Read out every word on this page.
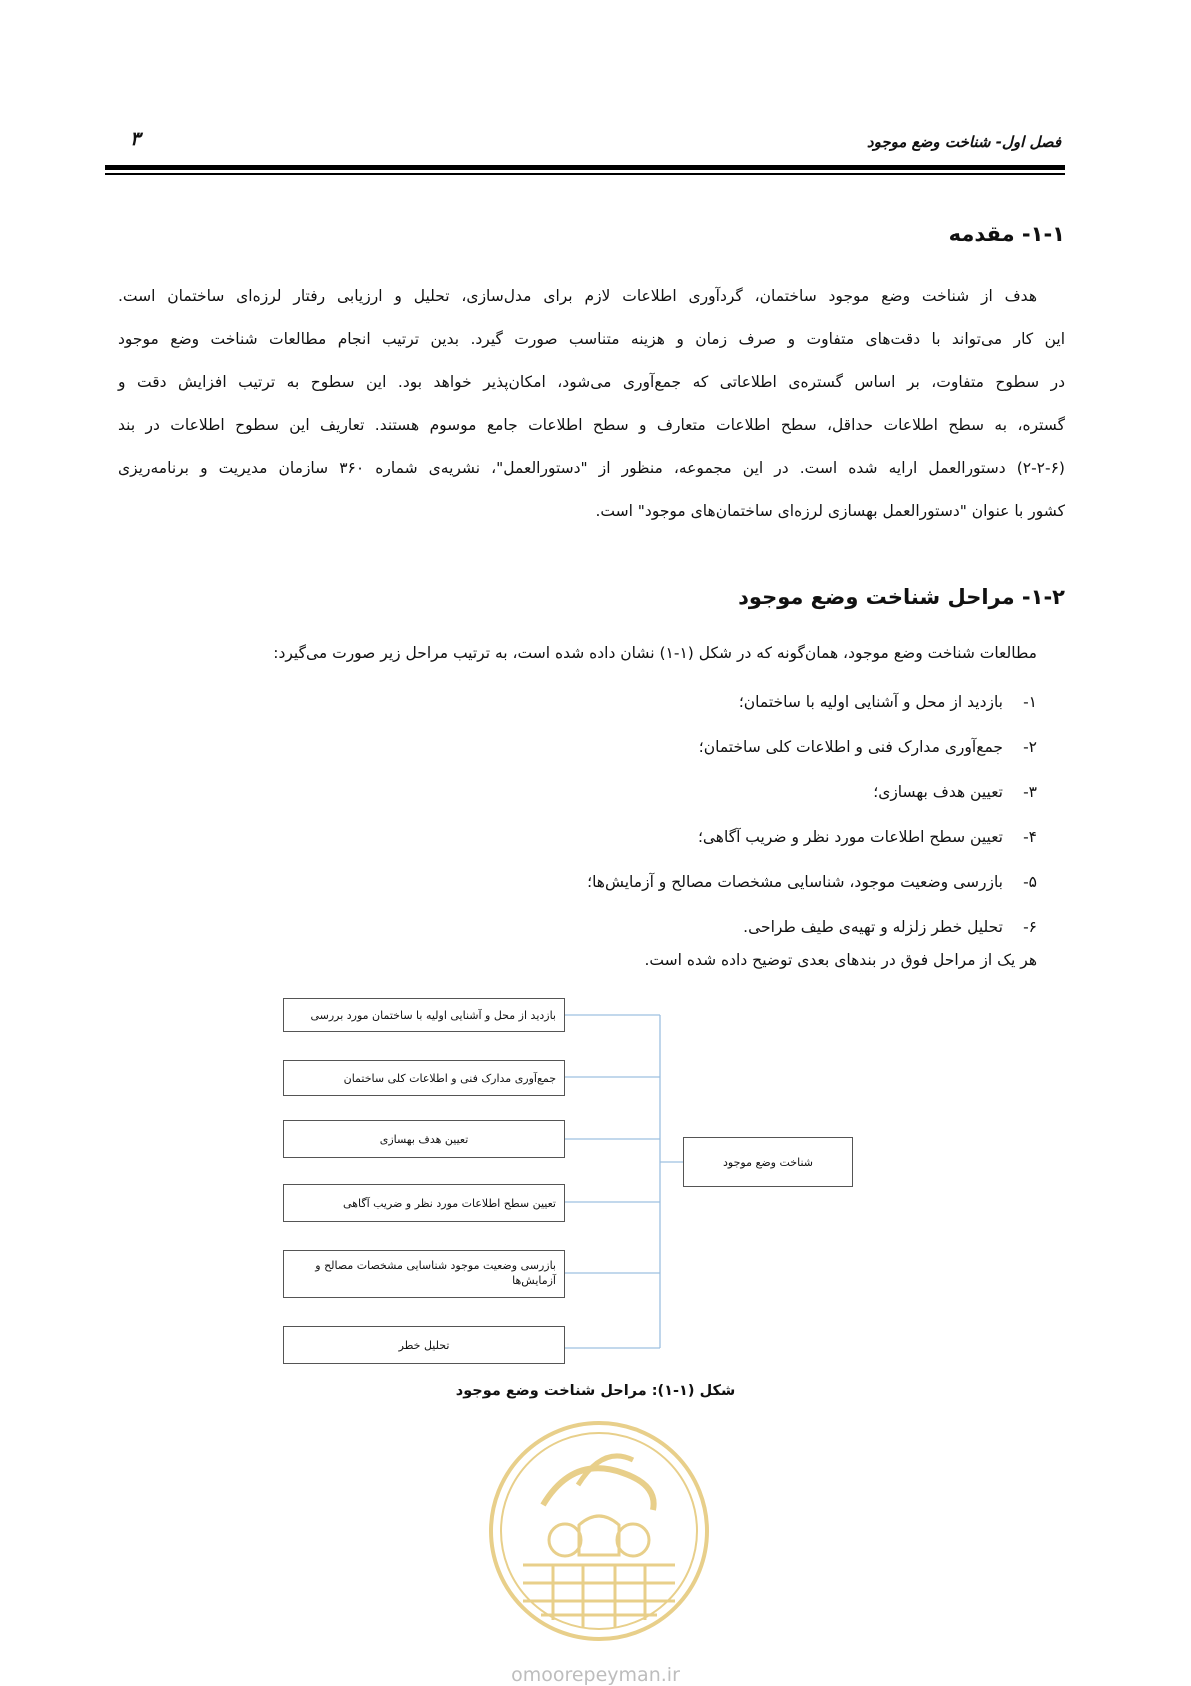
فصل اول- شناخت وضع موجود
۳
۱-۱- مقدمه
هدف از شناخت وضع موجود ساختمان، گردآوری اطلاعات لازم برای مدل‌سازی، تحلیل و ارزیابی رفتار لرزه‌ای ساختمان است.
این کار می‌تواند با دقت‌های متفاوت و صرف زمان و هزینه متناسب صورت گیرد. بدین ترتیب انجام مطالعات شناخت وضع موجود
در سطوح متفاوت، بر اساس گستره‌ی اطلاعاتی که جمع‌آوری می‌شود، امکان‌پذیر خواهد بود. این سطوح به ترتیب افزایش دقت و
گستره، به سطح اطلاعات حداقل، سطح اطلاعات متعارف و سطح اطلاعات جامع موسوم هستند. تعاریف این سطوح اطلاعات در بند
(۲-۲-۶) دستورالعمل ارایه شده است. در این مجموعه، منظور از "دستورالعمل"، نشریه‌ی شماره ۳۶۰ سازمان مدیریت و برنامه‌ریزی
کشور با عنوان "دستورالعمل بهسازی لرزه‌ای ساختمان‌های موجود" است.
۱-۲- مراحل شناخت وضع موجود
مطالعات شناخت وضع موجود، همان‌گونه که در شکل (۱-۱) نشان داده شده است، به ترتیب مراحل زیر صورت می‌گیرد:
۱-بازدید از محل و آشنایی اولیه با ساختمان؛
۲-جمع‌آوری مدارک فنی و اطلاعات کلی ساختمان؛
۳-تعیین هدف بهسازی؛
۴-تعیین سطح اطلاعات مورد نظر و ضریب آگاهی؛
۵-بازرسی وضعیت موجود، شناسایی مشخصات مصالح و آزمایش‌ها؛
۶-تحلیل خطر زلزله و تهیه‌ی طیف طراحی.
هر یک از مراحل فوق در بندهای بعدی توضیح داده شده است.
بازدید از محل و آشنایی اولیه با ساختمان مورد بررسی
جمع‌آوری مدارک فنی و اطلاعات کلی ساختمان
تعیین هدف بهسازی
تعیین سطح اطلاعات مورد نظر و ضریب آگاهی
بازرسی وضعیت موجود شناسایی مشخصات مصالح و آزمایش‌ها
تحلیل خطر
شناخت وضع موجود
شکل (۱-۱): مراحل شناخت وضع موجود
omoorepeyman.ir
